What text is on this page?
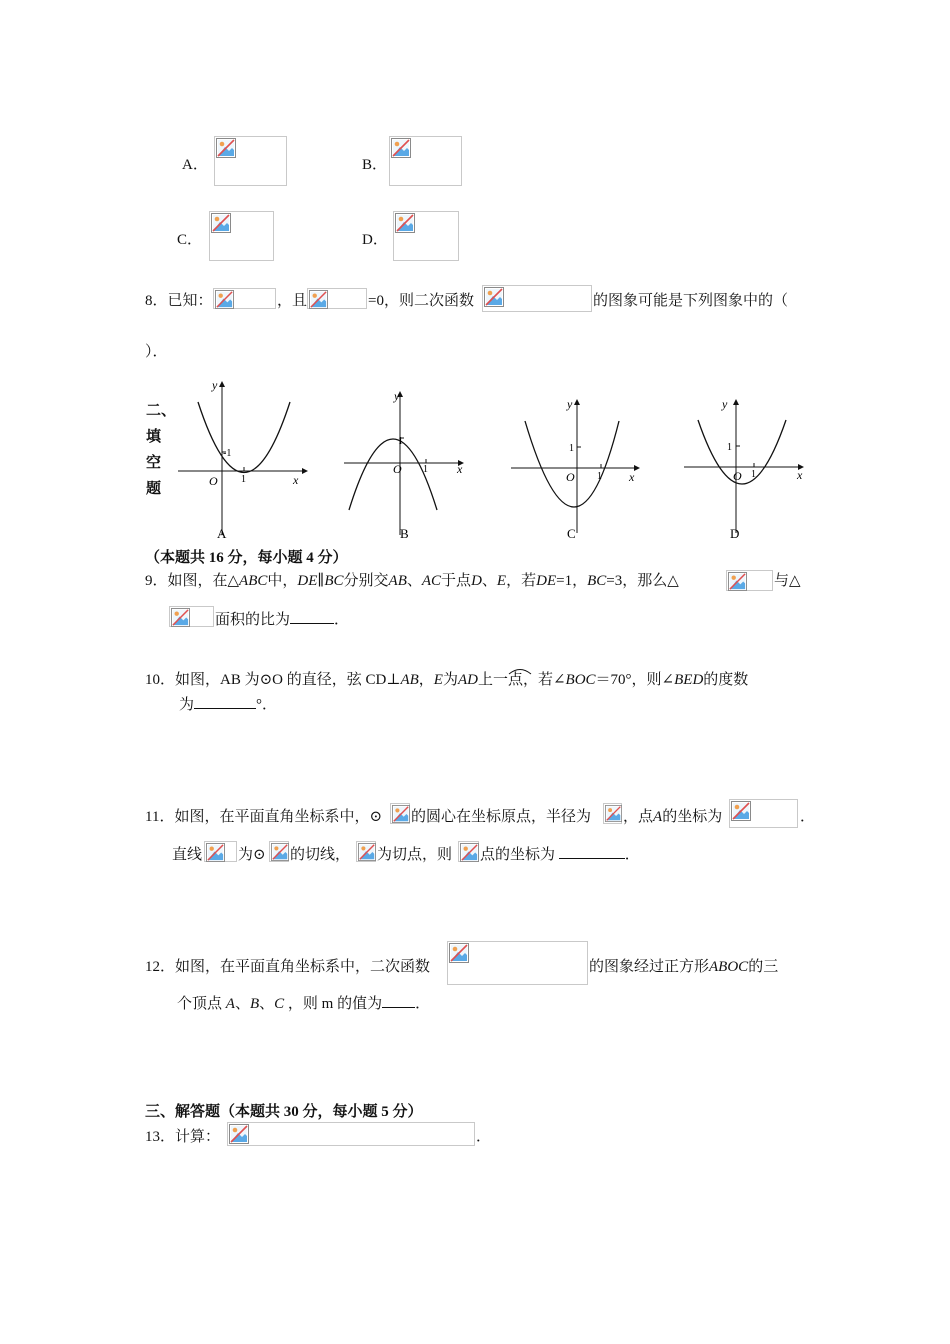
A．	B．
C．	D．
8．已知：	，且	=0，则二次函数	的图象可能是下列图象中的（
）．
二、
填
空
题
y
x
O 1
-1
A
y
x
O 1
1
B
y
x
O 1
1
C
y
x
O 1
1
D
（本题共 16 分，每小题 4 分）
9．如图，在△ABC中，DE∥BC分别交AB、AC于点D、E，若DE=1，BC=3，那么△	与△
面积的比为	．
10．如图，AB 为⊙O 的直径，弦 CD⊥AB，E为AD上一点，若∠BOC＝70°，则∠BED的度数
为	°．
11．如图，在平面直角坐标系中，⊙ 的圆心在坐标原点，半径为 ，点A的坐标为	．
直线 为⊙ 的切线， 为切点，则 点的坐标为	．
12．如图，在平面直角坐标系中，二次函数	的图象经过正方形ABOC的三
个顶点 A、B、C ，则 m 的值为 ．
三、解答题（本题共 30 分，每小题 5 分）
13．计算：	．
